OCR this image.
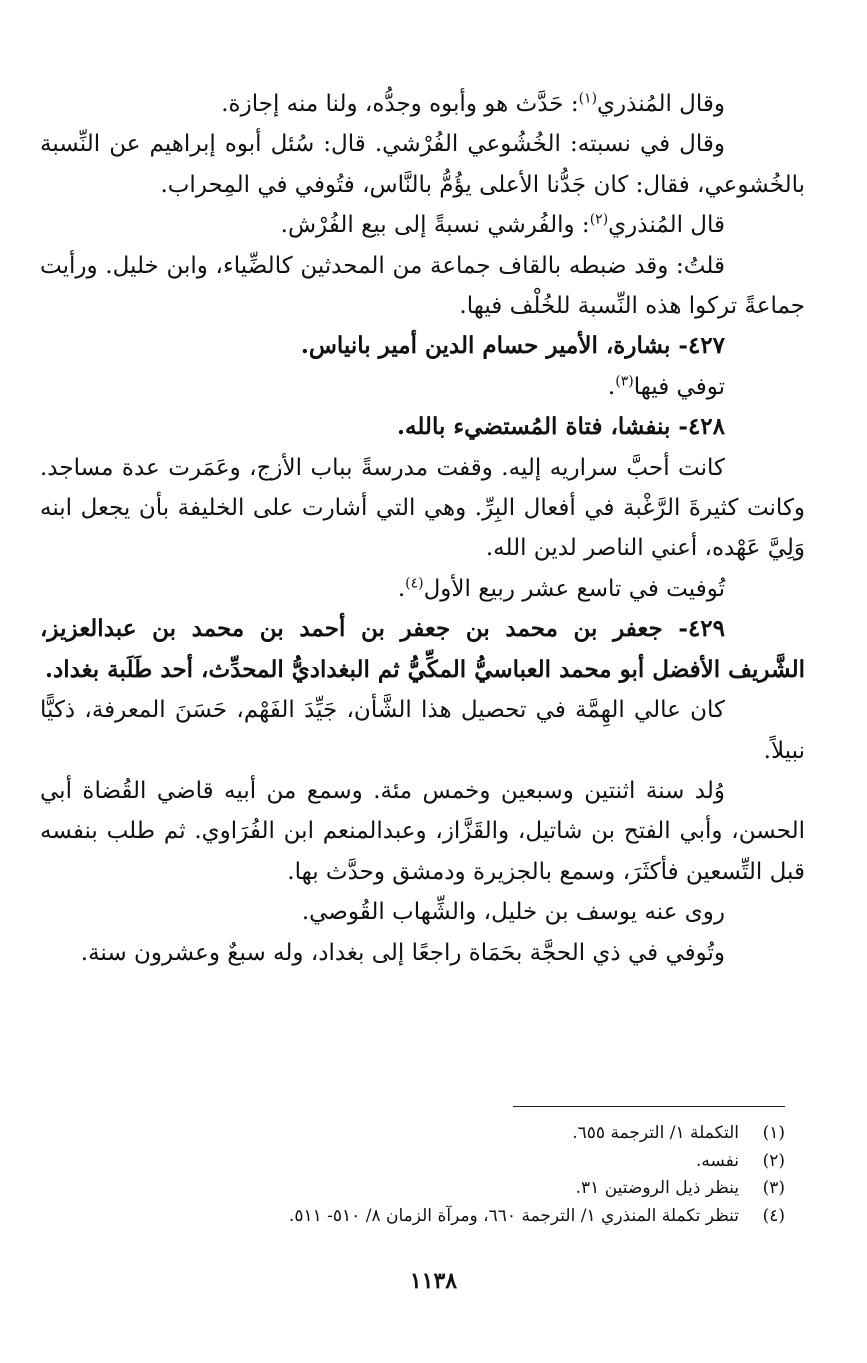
وقال المُنذري$^{(١)}$: حَدَّث هو وأبوه وجدُّه، ولنا منه إجازة.

وقال في نسبته: الخُشُوعي الفُرْشي. قال: سُئل أبوه إبراهيم عن النِّسبة بالخُشوعي، فقال: كان جَدُّنا الأعلى يؤُمُّ بالنَّاس، فتُوفي في المِحراب.

قال المُنذري$^{(٢)}$: والفُرشي نسبةً إلى بيع الفُرْش.

قلتُ: وقد ضبطه بالقاف جماعة من المحدثين كالضِّياء، وابن خليل. ورأيت جماعةً تركوا هذه النِّسبة للخُلْف فيها.

٤٢٧- بشارة، الأمير حسام الدين أمير بانياس.

توفي فيها$^{(٣)}$.

٤٢٨- بنفشا، فتاة المُستضيء بالله.

كانت أحبَّ سراريه إليه. وقفت مدرسةً بباب الأزج، وعَمَرت عدة مساجد. وكانت كثيرةَ الرَّغْبة في أفعال البِرِّ. وهي التي أشارت على الخليفة بأن يجعل ابنه وَلِيَّ عَهْده، أعني الناصر لدين الله.

تُوفيت في تاسع عشر ربيع الأول$^{(٤)}$.

٤٢٩- جعفر بن محمد بن جعفر بن أحمد بن محمد بن عبدالعزيز، الشَّريف الأفضل أبو محمد العباسيُّ المكِّيُّ ثم البغداديُّ المحدِّث، أحد طَلَبة بغداد.

كان عالي الهِمَّة في تحصيل هذا الشَّأن، جَيِّدَ الفَهْم، حَسَنَ المعرفة، ذكيًّا نبيلاً.

وُلد سنة اثنتين وسبعين وخمس مئة. وسمع من أبيه قاضي القُضاة أبي الحسن، وأبي الفتح بن شاتيل، والقَزَّاز، وعبدالمنعم ابن الفُرَاوي. ثم طلب بنفسه قبل التِّسعين فأكثَرَ، وسمع بالجزيرة ودمشق وحدَّث بها.

روى عنه يوسف بن خليل، والشِّهاب القُوصي.

وتُوفي في ذي الحجَّة بحَمَاة راجعًا إلى بغداد، وله سبعٌ وعشرون سنة.

(١)
التكملة ١/ الترجمة ٦٥٥.

(٢)
نفسه.

(٣)
ينظر ذيل الروضتين ٣١.

(٤)
تنظر تكملة المنذري ١/ الترجمة ٦٦٠، ومرآة الزمان ٨/ ٥١٠- ٥١١.

١١٣٨
